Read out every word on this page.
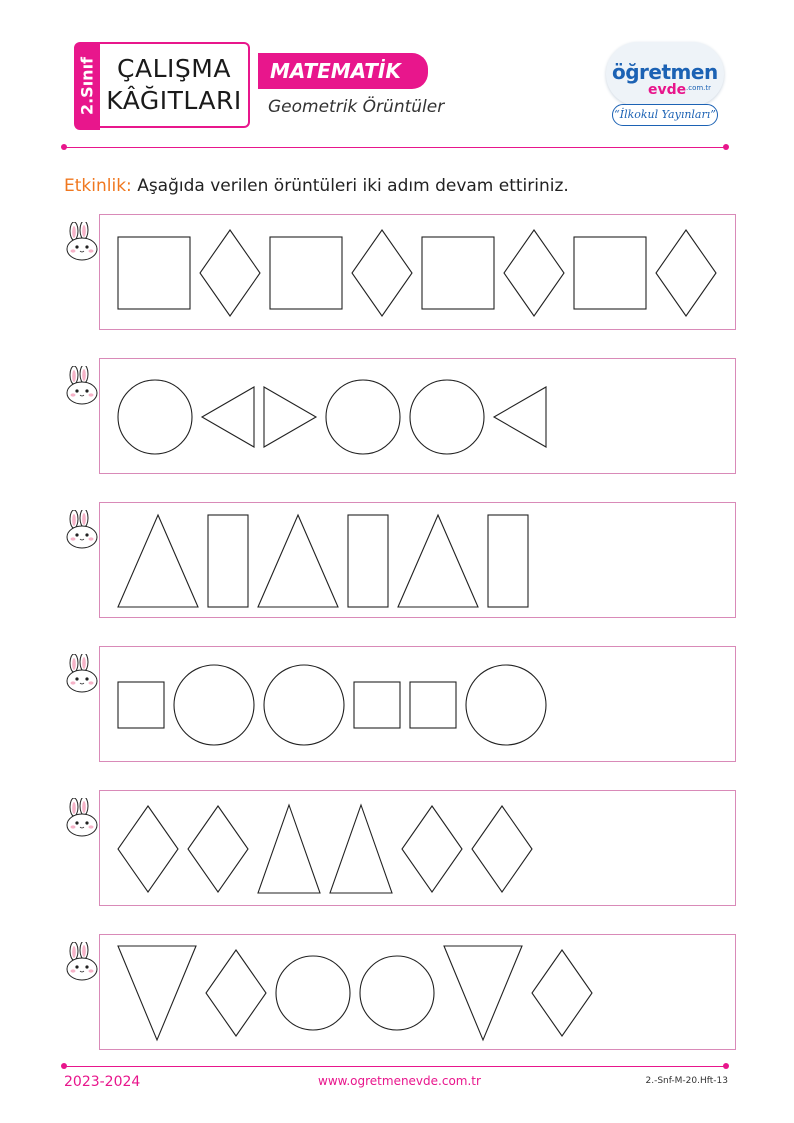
2.Sınıf ÇALIŞMA
KÂĞITLARI
MATEMATİK
Geometrik Örüntüler
öğretmen
evde .com.tr
“İlkokul Yayınları”
Etkinlik: Aşağıda verilen örüntüleri iki adım devam ettiriniz.
2023-2024	www.ogretmenevde.com.tr	2.-Snf-M-20.Hft-13
